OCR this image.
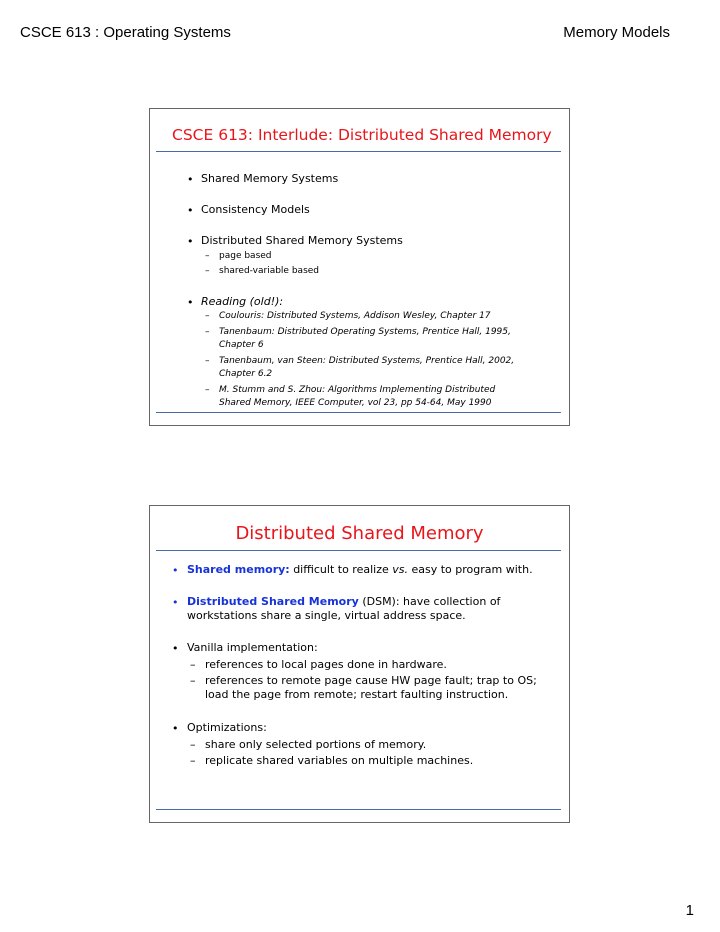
CSCE 613 : Operating Systems	Memory Models
CSCE 613: Interlude: Distributed Shared Memory
• Shared Memory Systems
• Consistency Models
• Distributed Shared Memory Systems
– page based
– shared-variable based
• Reading (old!):
– Coulouris: Distributed Systems, Addison Wesley, Chapter 17
– Tanenbaum: Distributed Operating Systems, Prentice Hall, 1995,
Chapter 6
– Tanenbaum, van Steen: Distributed Systems, Prentice Hall, 2002,
Chapter 6.2
– M. Stumm and S. Zhou: Algorithms Implementing Distributed
Shared Memory, IEEE Computer, vol 23, pp 54-64, May 1990
Distributed Shared Memory
• Shared memory: difficult to realize vs. easy to program with.
• Distributed Shared Memory (DSM): have collection of
workstations share a single, virtual address space.
• Vanilla implementation:
– references to local pages done in hardware.
– references to remote page cause HW page fault; trap to OS;
load the page from remote; restart faulting instruction.
• Optimizations:
– share only selected portions of memory.
– replicate shared variables on multiple machines.
1
